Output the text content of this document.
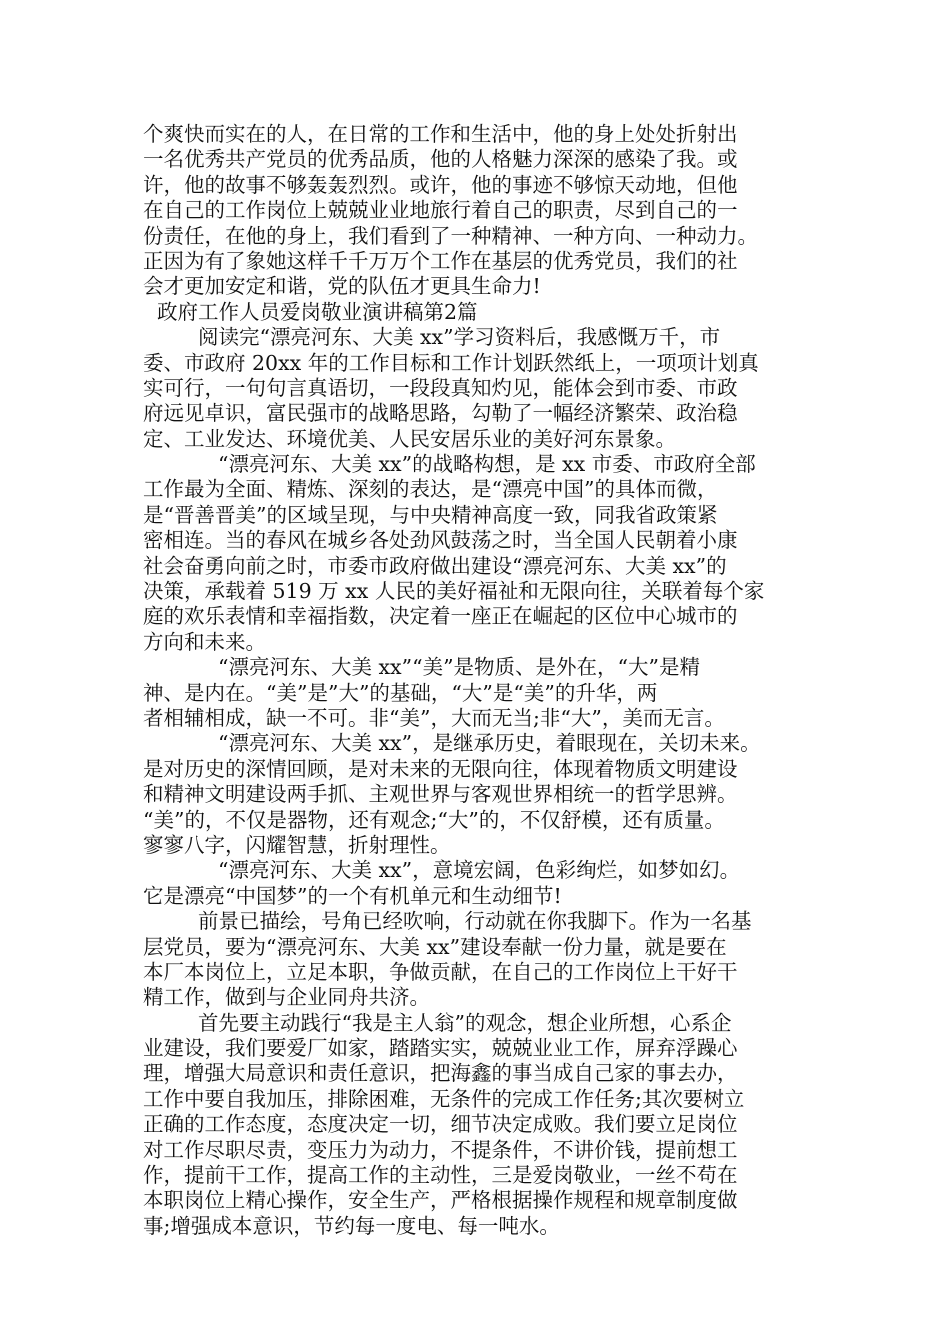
个爽快而实在的人，在日常的工作和生活中，他的身上处处折射出
一名优秀共产党员的优秀品质，他的人格魅力深深的感染了我。或
许，他的故事不够轰轰烈烈。或许，他的事迹不够惊天动地，但他
在自己的工作岗位上兢兢业业地旅行着自己的职责，尽到自己的一
份责任，在他的身上，我们看到了一种精神、一种方向、一种动力。
正因为有了象她这样千千万万个工作在基层的优秀党员，我们的社
会才更加安定和谐，党的队伍才更具生命力!
政府工作人员爱岗敬业演讲稿第2篇
阅读完“漂亮河东、大美 xx”学习资料后，我感慨万千，市
委、市政府 20xx 年的工作目标和工作计划跃然纸上，一项项计划真
实可行，一句句言真语切，一段段真知灼见，能体会到市委、市政
府远见卓识，富民强市的战略思路，勾勒了一幅经济繁荣、政治稳
定、工业发达、环境优美、人民安居乐业的美好河东景象。
“漂亮河东、大美 xx”的战略构想，是 xx 市委、市政府全部
工作最为全面、精炼、深刻的表达，是“漂亮中国”的具体而微，
是“晋善晋美”的区域呈现，与中央精神高度一致，同我省政策紧
密相连。当的春风在城乡各处劲风鼓荡之时，当全国人民朝着小康
社会奋勇向前之时，市委市政府做出建设“漂亮河东、大美 xx”的
决策，承载着 519 万 xx 人民的美好福祉和无限向往，关联着每个家
庭的欢乐表情和幸福指数，决定着一座正在崛起的区位中心城市的
方向和未来。
“漂亮河东、大美 xx”“美”是物质、是外在，“大”是精
神、是内在。“美”是”大”的基础，“大”是“美”的升华，两
者相辅相成，缺一不可。非“美”，大而无当;非“大”，美而无言。
“漂亮河东、大美 xx”，是继承历史，着眼现在，关切未来。
是对历史的深情回顾，是对未来的无限向往，体现着物质文明建设
和精神文明建设两手抓、主观世界与客观世界相统一的哲学思辨。
“美”的，不仅是器物，还有观念;“大”的，不仅舒模，还有质量。
寥寥八字，闪耀智慧，折射理性。
“漂亮河东、大美 xx”，意境宏阔，色彩绚烂，如梦如幻。
它是漂亮“中国梦”的一个有机单元和生动细节!
前景已描绘，号角已经吹响，行动就在你我脚下。作为一名基
层党员，要为“漂亮河东、大美 xx”建设奉献一份力量，就是要在
本厂本岗位上，立足本职，争做贡献，在自己的工作岗位上干好干
精工作，做到与企业同舟共济。
首先要主动践行“我是主人翁”的观念，想企业所想，心系企
业建设，我们要爱厂如家，踏踏实实，兢兢业业工作，屏弃浮躁心
理，增强大局意识和责任意识，把海鑫的事当成自己家的事去办，
工作中要自我加压，排除困难，无条件的完成工作任务;其次要树立
正确的工作态度，态度决定一切，细节决定成败。我们要立足岗位
对工作尽职尽责，变压力为动力，不提条件，不讲价钱，提前想工
作，提前干工作，提高工作的主动性，三是爱岗敬业，一丝不苟在
本职岗位上精心操作，安全生产，严格根据操作规程和规章制度做
事;增强成本意识，节约每一度电、每一吨水。
